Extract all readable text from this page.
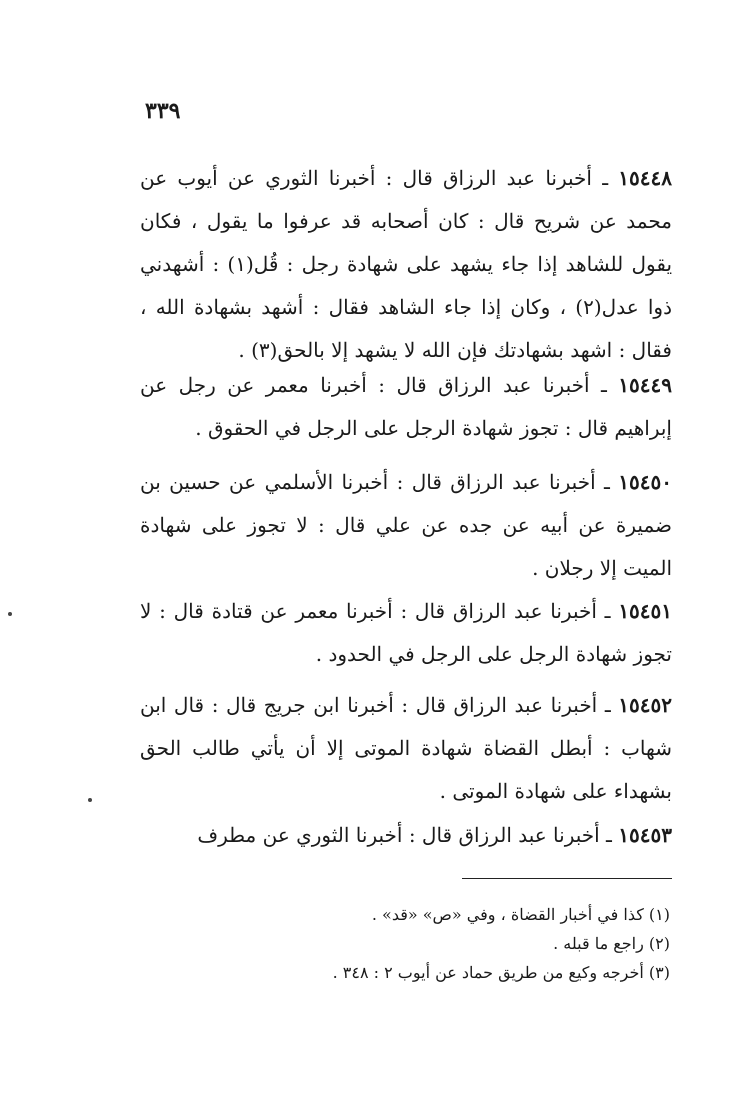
٣٣٩
١٥٤٤٨ ـ أخبرنا عبد الرزاق قال : أخبرنا الثوري عن أيوب عن محمد عن شريح قال : كان أصحابه قد عرفوا ما يقول ، فكان يقول للشاهد إذا جاء يشهد على شهادة رجل : قُل(١) : أشهدني ذوا عدل(٢) ، وكان إذا جاء الشاهد فقال : أشهد بشهادة الله ، فقال : اشهد بشهادتك فإن الله لا يشهد إلا بالحق(٣) .
١٥٤٤٩ ـ أخبرنا عبد الرزاق قال : أخبرنا معمر عن رجل عن إبراهيم قال : تجوز شهادة الرجل على الرجل في الحقوق .
١٥٤٥٠ ـ أخبرنا عبد الرزاق قال : أخبرنا الأسلمي عن حسين بن ضميرة عن أبيه عن جده عن علي قال : لا تجوز على شهادة الميت إلا رجلان .
١٥٤٥١ ـ أخبرنا عبد الرزاق قال : أخبرنا معمر عن قتادة قال : لا تجوز شهادة الرجل على الرجل في الحدود .
١٥٤٥٢ ـ أخبرنا عبد الرزاق قال : أخبرنا ابن جريج قال : قال ابن شهاب : أبطل القضاة شهادة الموتى إلا أن يأتي طالب الحق بشهداء على شهادة الموتى .
١٥٤٥٣ ـ أخبرنا عبد الرزاق قال : أخبرنا الثوري عن مطرف
(١) كذا في أخبار القضاة ، وفي «ص» «قد» .
(٢) راجع ما قبله .
(٣) أخرجه وكيع من طريق حماد عن أيوب ٢ : ٣٤٨ .
